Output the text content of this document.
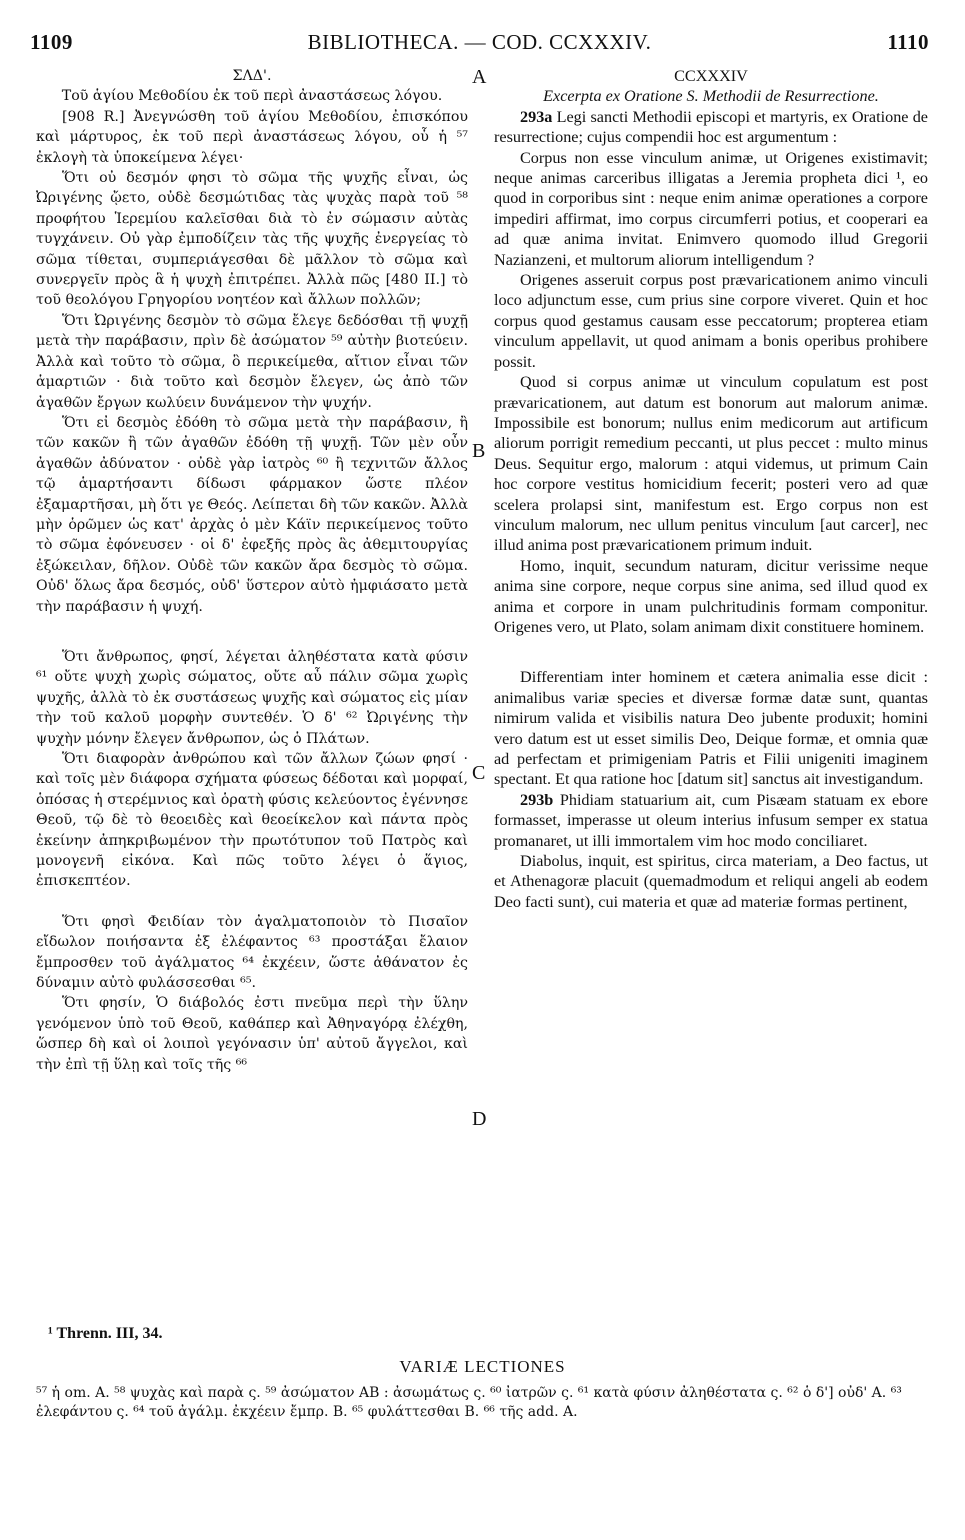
1109	BIBLIOTHECA. — COD. CCXXXIV.	1110
ΣΛΔ'.
Τοῦ ἁγίου Μεθοδίου ἐκ τοῦ περὶ ἀναστάσεως λόγου.

[908 R.] Ἀνεγνώσθη τοῦ ἁγίου Μεθοδίου, ἐπισκόπου καὶ μάρτυρος, ἐκ τοῦ περὶ ἀναστάσεως λόγου, οὗ ἡ ⁵⁷ ἐκλογὴ τὰ ὑποκείμενα λέγει·

Ὅτι οὐ δεσμόν φησι τὸ σῶμα τῆς ψυχῆς εἶναι, ὡς Ὠριγένης ᾤετο, οὐδὲ δεσμώτιδας τὰς ψυχὰς παρὰ τοῦ ⁵⁸ προφήτου Ἱερεμίου καλεῖσθαι διὰ τὸ ἐν σώμασιν αὐτὰς τυγχάνειν. Οὐ γὰρ ἐμποδίζειν τὰς τῆς ψυχῆς ἐνεργείας τὸ σῶμα τίθεται, συμπεριάγεσθαι δὲ μᾶλλον τὸ σῶμα καὶ συνεργεῖν πρὸς ἃ ἡ ψυχὴ ἐπιτρέπει. Ἀλλὰ πῶς [480 II.] τὸ τοῦ θεολόγου Γρηγορίου νοητέον καὶ ἄλλων πολλῶν;

Ὅτι Ὠριγένης δεσμὸν τὸ σῶμα ἔλεγε δεδόσθαι τῇ ψυχῇ μετὰ τὴν παράβασιν, πρὶν δὲ ἀσώματον ⁵⁹ αὐτὴν βιοτεύειν. Ἀλλὰ καὶ τοῦτο τὸ σῶμα, ὃ περικείμεθα, αἴτιον εἶναι τῶν ἁμαρτιῶν · διὰ τοῦτο καὶ δεσμὸν ἔλεγεν, ὡς ἀπὸ τῶν ἀγαθῶν ἔργων κωλύειν δυνάμενον τὴν ψυχήν.

Ὅτι εἰ δεσμὸς ἐδόθη τὸ σῶμα μετὰ τὴν παράβασιν, ἢ τῶν κακῶν ἢ τῶν ἀγαθῶν ἐδόθη τῇ ψυχῇ. Τῶν μὲν οὖν ἀγαθῶν ἀδύνατον · οὐδὲ γὰρ ἰατρὸς ⁶⁰ ἢ τεχνιτῶν ἄλλος τῷ ἁμαρτήσαντι δίδωσι φάρμακον ὥστε πλέον ἐξαμαρτῆσαι, μὴ ὅτι γε Θεός. Λείπεται δὴ τῶν κακῶν. Ἀλλὰ μὴν ὁρῶμεν ὡς κατ' ἀρχὰς ὁ μὲν Κάϊν περικείμενος τοῦτο τὸ σῶμα ἐφόνευσεν · οἱ δ' ἐφεξῆς πρὸς ἃς ἀθεμιτουργίας ἐξώκειλαν, δῆλον. Οὐδὲ τῶν κακῶν ἄρα δεσμὸς τὸ σῶμα. Οὐδ' ὅλως ἄρα δεσμός, οὐδ' ὕστερον αὐτὸ ἠμφιάσατο μετὰ τὴν παράβασιν ἡ ψυχή.

Ὅτι ἄνθρωπος, φησί, λέγεται ἀληθέστατα κατὰ φύσιν ⁶¹ οὔτε ψυχὴ χωρὶς σώματος, οὔτε αὖ πάλιν σῶμα χωρὶς ψυχῆς, ἀλλὰ τὸ ἐκ συστάσεως ψυχῆς καὶ σώματος εἰς μίαν τὴν τοῦ καλοῦ μορφὴν συντεθέν. Ὁ δ' ⁶² Ὠριγένης τὴν ψυχὴν μόνην ἔλεγεν ἄνθρωπον, ὡς ὁ Πλάτων.

Ὅτι διαφορὰν ἀνθρώπου καὶ τῶν ἄλλων ζώων φησί · καὶ τοῖς μὲν διάφορα σχήματα φύσεως δέδοται καὶ μορφαί, ὁπόσας ἡ στερέμνιος καὶ ὁρατὴ φύσις κελεύοντος ἐγέννησε Θεοῦ, τῷ δὲ τὸ θεοειδὲς καὶ θεοείκελον καὶ πάντα πρὸς ἐκείνην ἀπηκριβωμένον τὴν πρωτότυπον τοῦ Πατρὸς καὶ μονογενῆ εἰκόνα. Καὶ πῶς τοῦτο λέγει ὁ ἅγιος, ἐπισκεπτέον.

Ὅτι φησὶ Φειδίαν τὸν ἀγαλματοποιὸν τὸ Πισαῖον εἴδωλον ποιήσαντα ἐξ ἐλέφαντος ⁶³ προστάξαι ἔλαιον ἔμπροσθεν τοῦ ἀγάλματος ⁶⁴ ἐκχέειν, ὥστε ἀθάνατον ἐς δύναμιν αὐτὸ φυλάσσεσθαι ⁶⁵.

Ὅτι φησίν, Ὁ διάβολός ἐστι πνεῦμα περὶ τὴν ὕλην γενόμενον ὑπὸ τοῦ Θεοῦ, καθάπερ καὶ Ἀθηναγόρᾳ ἐλέχθη, ὥσπερ δὴ καὶ οἱ λοιποὶ γεγόνασιν ὑπ' αὐτοῦ ἄγγελοι, καὶ τὴν ἐπὶ τῇ ὕλῃ καὶ τοῖς τῆς ⁶⁶

CCXXXIV
Excerpta ex Oratione S. Methodii de Resurrectione.

293a Legi sancti Methodii episcopi et martyris, ex Oratione de resurrectione; cujus compendii hoc est argumentum :

Corpus non esse vinculum animæ, ut Origenes existimavit; neque animas carceribus illigatas a Jeremia propheta dici ¹, eo quod in corporibus sint : neque enim animæ operationes a corpore impediri affirmat, imo corpus circumferri potius, et cooperari ea ad quæ anima invitat. Enimvero quomodo illud Gregorii Nazianzeni, et multorum aliorum intelligendum ?

Origenes asseruit corpus post prævaricationem animo vinculi loco adjunctum esse, cum prius sine corpore viveret. Quin et hoc corpus quod gestamus causam esse peccatorum; propterea etiam vinculum appellavit, ut quod animam a bonis operibus prohibere possit.

Quod si corpus animæ ut vinculum copulatum est post prævaricationem, aut datum est bonorum aut malorum animæ. Impossibile est bonorum; nullus enim medicorum aut artificum aliorum porrigit remedium peccanti, ut plus peccet : multo minus Deus. Sequitur ergo, malorum : atqui videmus, ut primum Cain hoc corpore vestitus homicidium fecerit; posteri vero ad quæ scelera prolapsi sint, manifestum est. Ergo corpus non est vinculum malorum, nec ullum penitus vinculum [aut carcer], nec illud anima post prævaricationem primum induit.

Homo, inquit, secundum naturam, dicitur verissime neque anima sine corpore, neque corpus sine anima, sed illud quod ex anima et corpore in unam pulchritudinis formam componitur. Origenes vero, ut Plato, solam animam dixit constituere hominem.

Differentiam inter hominem et cætera animalia esse dicit : animalibus variæ species et diversæ formæ datæ sunt, quantas nimirum valida et visibilis natura Deo jubente produxit; homini vero datum est ut esset similis Deo, Deique formæ, et omnia quæ ad perfectam et primigeniam Patris et Filii unigeniti imaginem spectant. Et qua ratione hoc [datum sit] sanctus ait investigandum.

293b Phidiam statuarium ait, cum Pisæam statuam ex ebore formasset, imperasse ut oleum interius infusum semper ex statua promanaret, ut illi immortalem vim hoc modo conciliaret.

Diabolus, inquit, est spiritus, circa materiam, a Deo factus, ut et Athenagoræ placuit (quemadmodum et reliqui angeli ab eodem Deo facti sunt), cui materia et quæ ad materiæ formas pertinent,

A
B
C
D
¹ Threnn. III, 34.
VARIÆ LECTIONES
⁵⁷ ἡ om. A. ⁵⁸ ψυχὰς καὶ παρὰ ς. ⁵⁹ ἀσώματον AB : ἀσωμάτως ς. ⁶⁰ ἰατρῶν ς. ⁶¹ κατὰ φύσιν ἀληθέστατα ς. ⁶² ὁ δ'] οὐδ' A. ⁶³ ἐλεφάντου ς. ⁶⁴ τοῦ ἀγάλμ. ἐκχέειν ἔμπρ. B. ⁶⁵ φυλάττεσθαι B. ⁶⁶ τῆς add. A.
